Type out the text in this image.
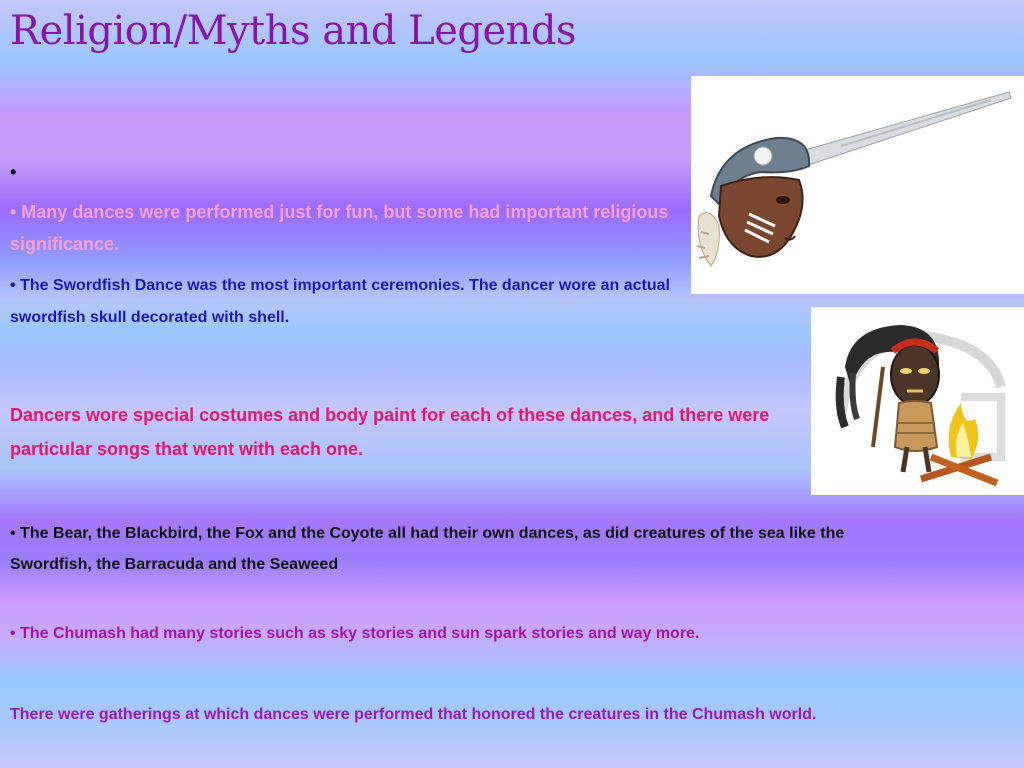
Religion/Myths and Legends
•
• Many dances were performed just for fun, but some had important religious significance.
• The Swordfish Dance was the most important ceremonies. The dancer wore an actual swordfish skull decorated with shell.
Dancers wore special costumes and body paint for each of these dances, and there were particular songs that went with each one.
• The Bear, the Blackbird, the Fox and the Coyote all had their own dances, as did creatures of the sea like the Swordfish, the Barracuda and the Seaweed
• The Chumash had many stories such as sky stories and sun spark stories and way more.
There were gatherings at which dances were performed that honored the creatures in the Chumash world.
